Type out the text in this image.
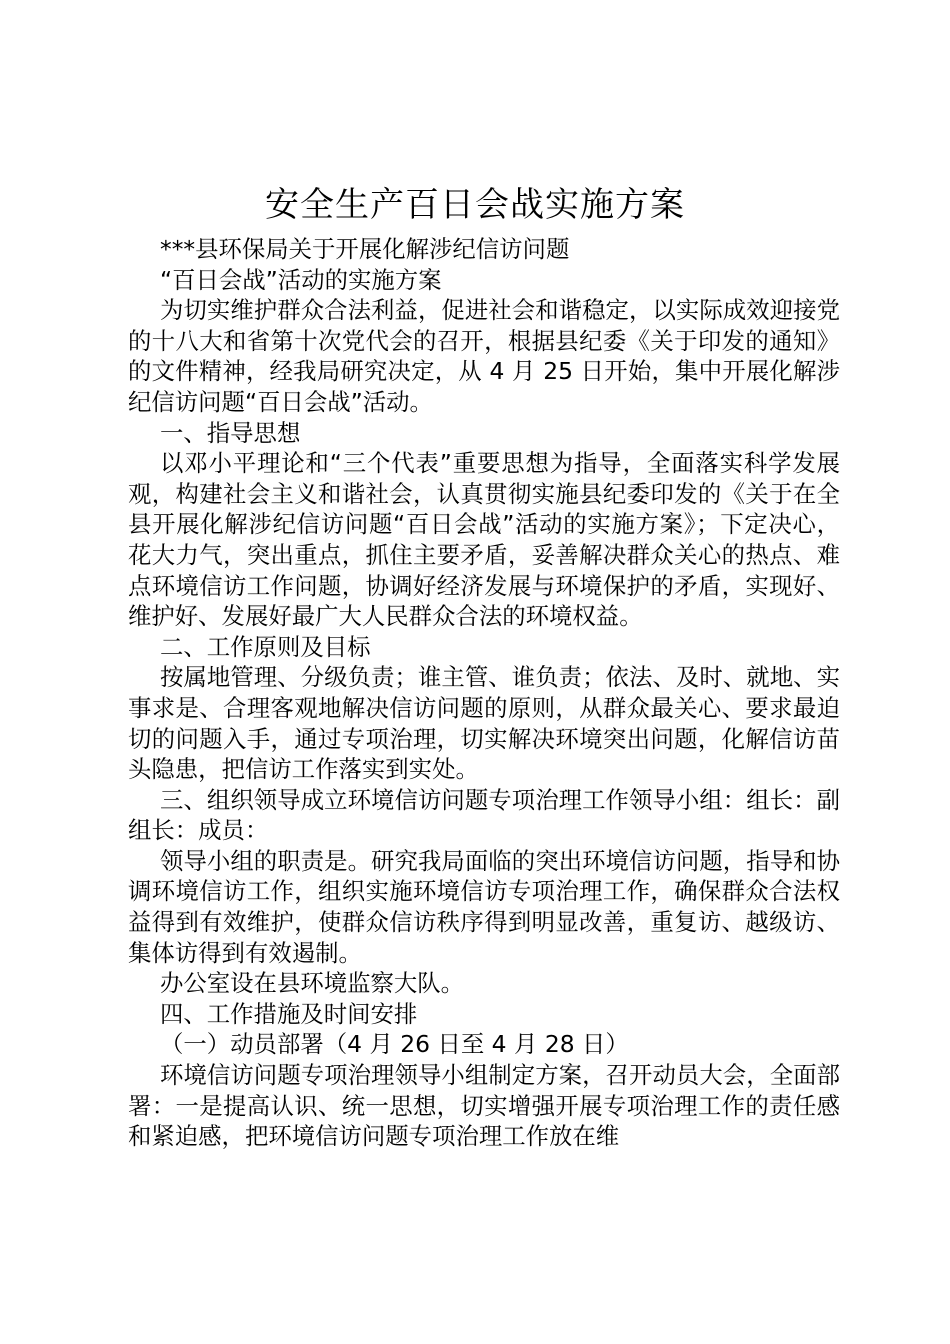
安全生产百日会战实施方案

***县环保局关于开展化解涉纪信访问题

“百日会战”活动的实施方案

为切实维护群众合法利益，促进社会和谐稳定，以实际成效迎接党的十八大和省第十次党代会的召开，根据县纪委《关于印发的通知》的文件精神，经我局研究决定，从 4 月 25 日开始，集中开展化解涉纪信访问题“百日会战”活动。

一、指导思想

以邓小平理论和“三个代表”重要思想为指导，全面落实科学发展观，构建社会主义和谐社会，认真贯彻实施县纪委印发的《关于在全县开展化解涉纪信访问题“百日会战”活动的实施方案》；下定决心，花大力气，突出重点，抓住主要矛盾，妥善解决群众关心的热点、难点环境信访工作问题，协调好经济发展与环境保护的矛盾，实现好、维护好、发展好最广大人民群众合法的环境权益。

二、工作原则及目标

按属地管理、分级负责；谁主管、谁负责；依法、及时、就地、实事求是、合理客观地解决信访问题的原则，从群众最关心、要求最迫切的问题入手，通过专项治理，切实解决环境突出问题，化解信访苗头隐患，把信访工作落实到实处。

三、组织领导成立环境信访问题专项治理工作领导小组：组长：副组长：成员：

领导小组的职责是。研究我局面临的突出环境信访问题，指导和协调环境信访工作，组织实施环境信访专项治理工作，确保群众合法权益得到有效维护，使群众信访秩序得到明显改善，重复访、越级访、集体访得到有效遏制。

办公室设在县环境监察大队。

四、工作措施及时间安排

（一）动员部署（4 月 26 日至 4 月 28 日）

环境信访问题专项治理领导小组制定方案，召开动员大会，全面部署：一是提高认识、统一思想，切实增强开展专项治理工作的责任感和紧迫感，把环境信访问题专项治理工作放在维
